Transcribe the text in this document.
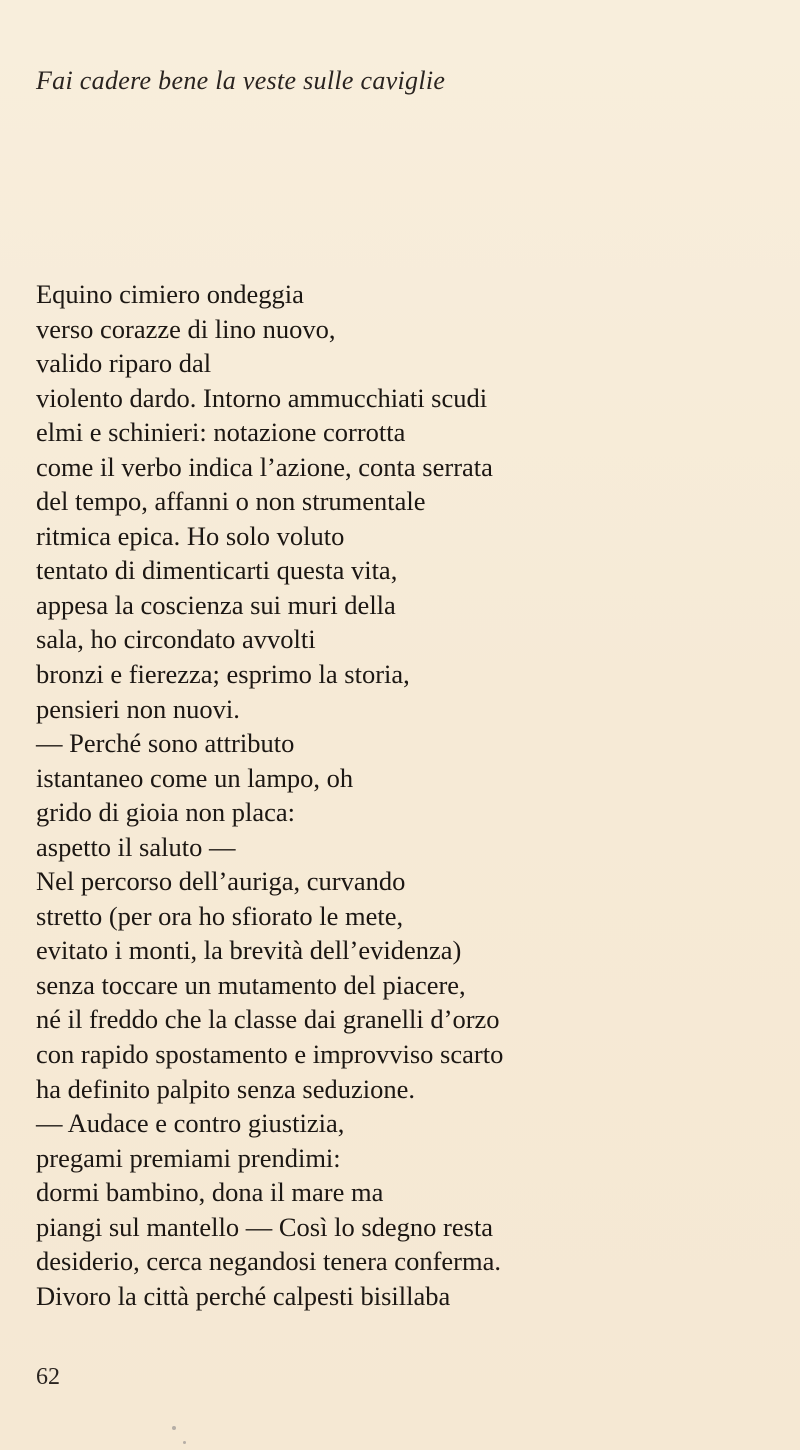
Fai cadere bene la veste sulle caviglie
Equino cimiero ondeggia
verso corazze di lino nuovo,
valido riparo dal
violento dardo. Intorno ammucchiati scudi
elmi e schinieri: notazione corrotta
come il verbo indica l’azione, conta serrata
del tempo, affanni o non strumentale
ritmica epica. Ho solo voluto
tentato di dimenticarti questa vita,
appesa la coscienza sui muri della
sala, ho circondato avvolti
bronzi e fierezza; esprimo la storia,
pensieri non nuovi.
— Perché sono attributo
istantaneo come un lampo, oh
grido di gioia non placa:
aspetto il saluto —
Nel percorso dell’auriga, curvando
stretto (per ora ho sfiorato le mete,
evitato i monti, la brevità dell’evidenza)
senza toccare un mutamento del piacere,
né il freddo che la classe dai granelli d’orzo
con rapido spostamento e improvviso scarto
ha definito palpito senza seduzione.
— Audace e contro giustizia,
pregami premiami prendimi:
dormi bambino, dona il mare ma
piangi sul mantello — Così lo sdegno resta
desiderio, cerca negandosi tenera conferma.
Divoro la città perché calpesti bisillaba
62
